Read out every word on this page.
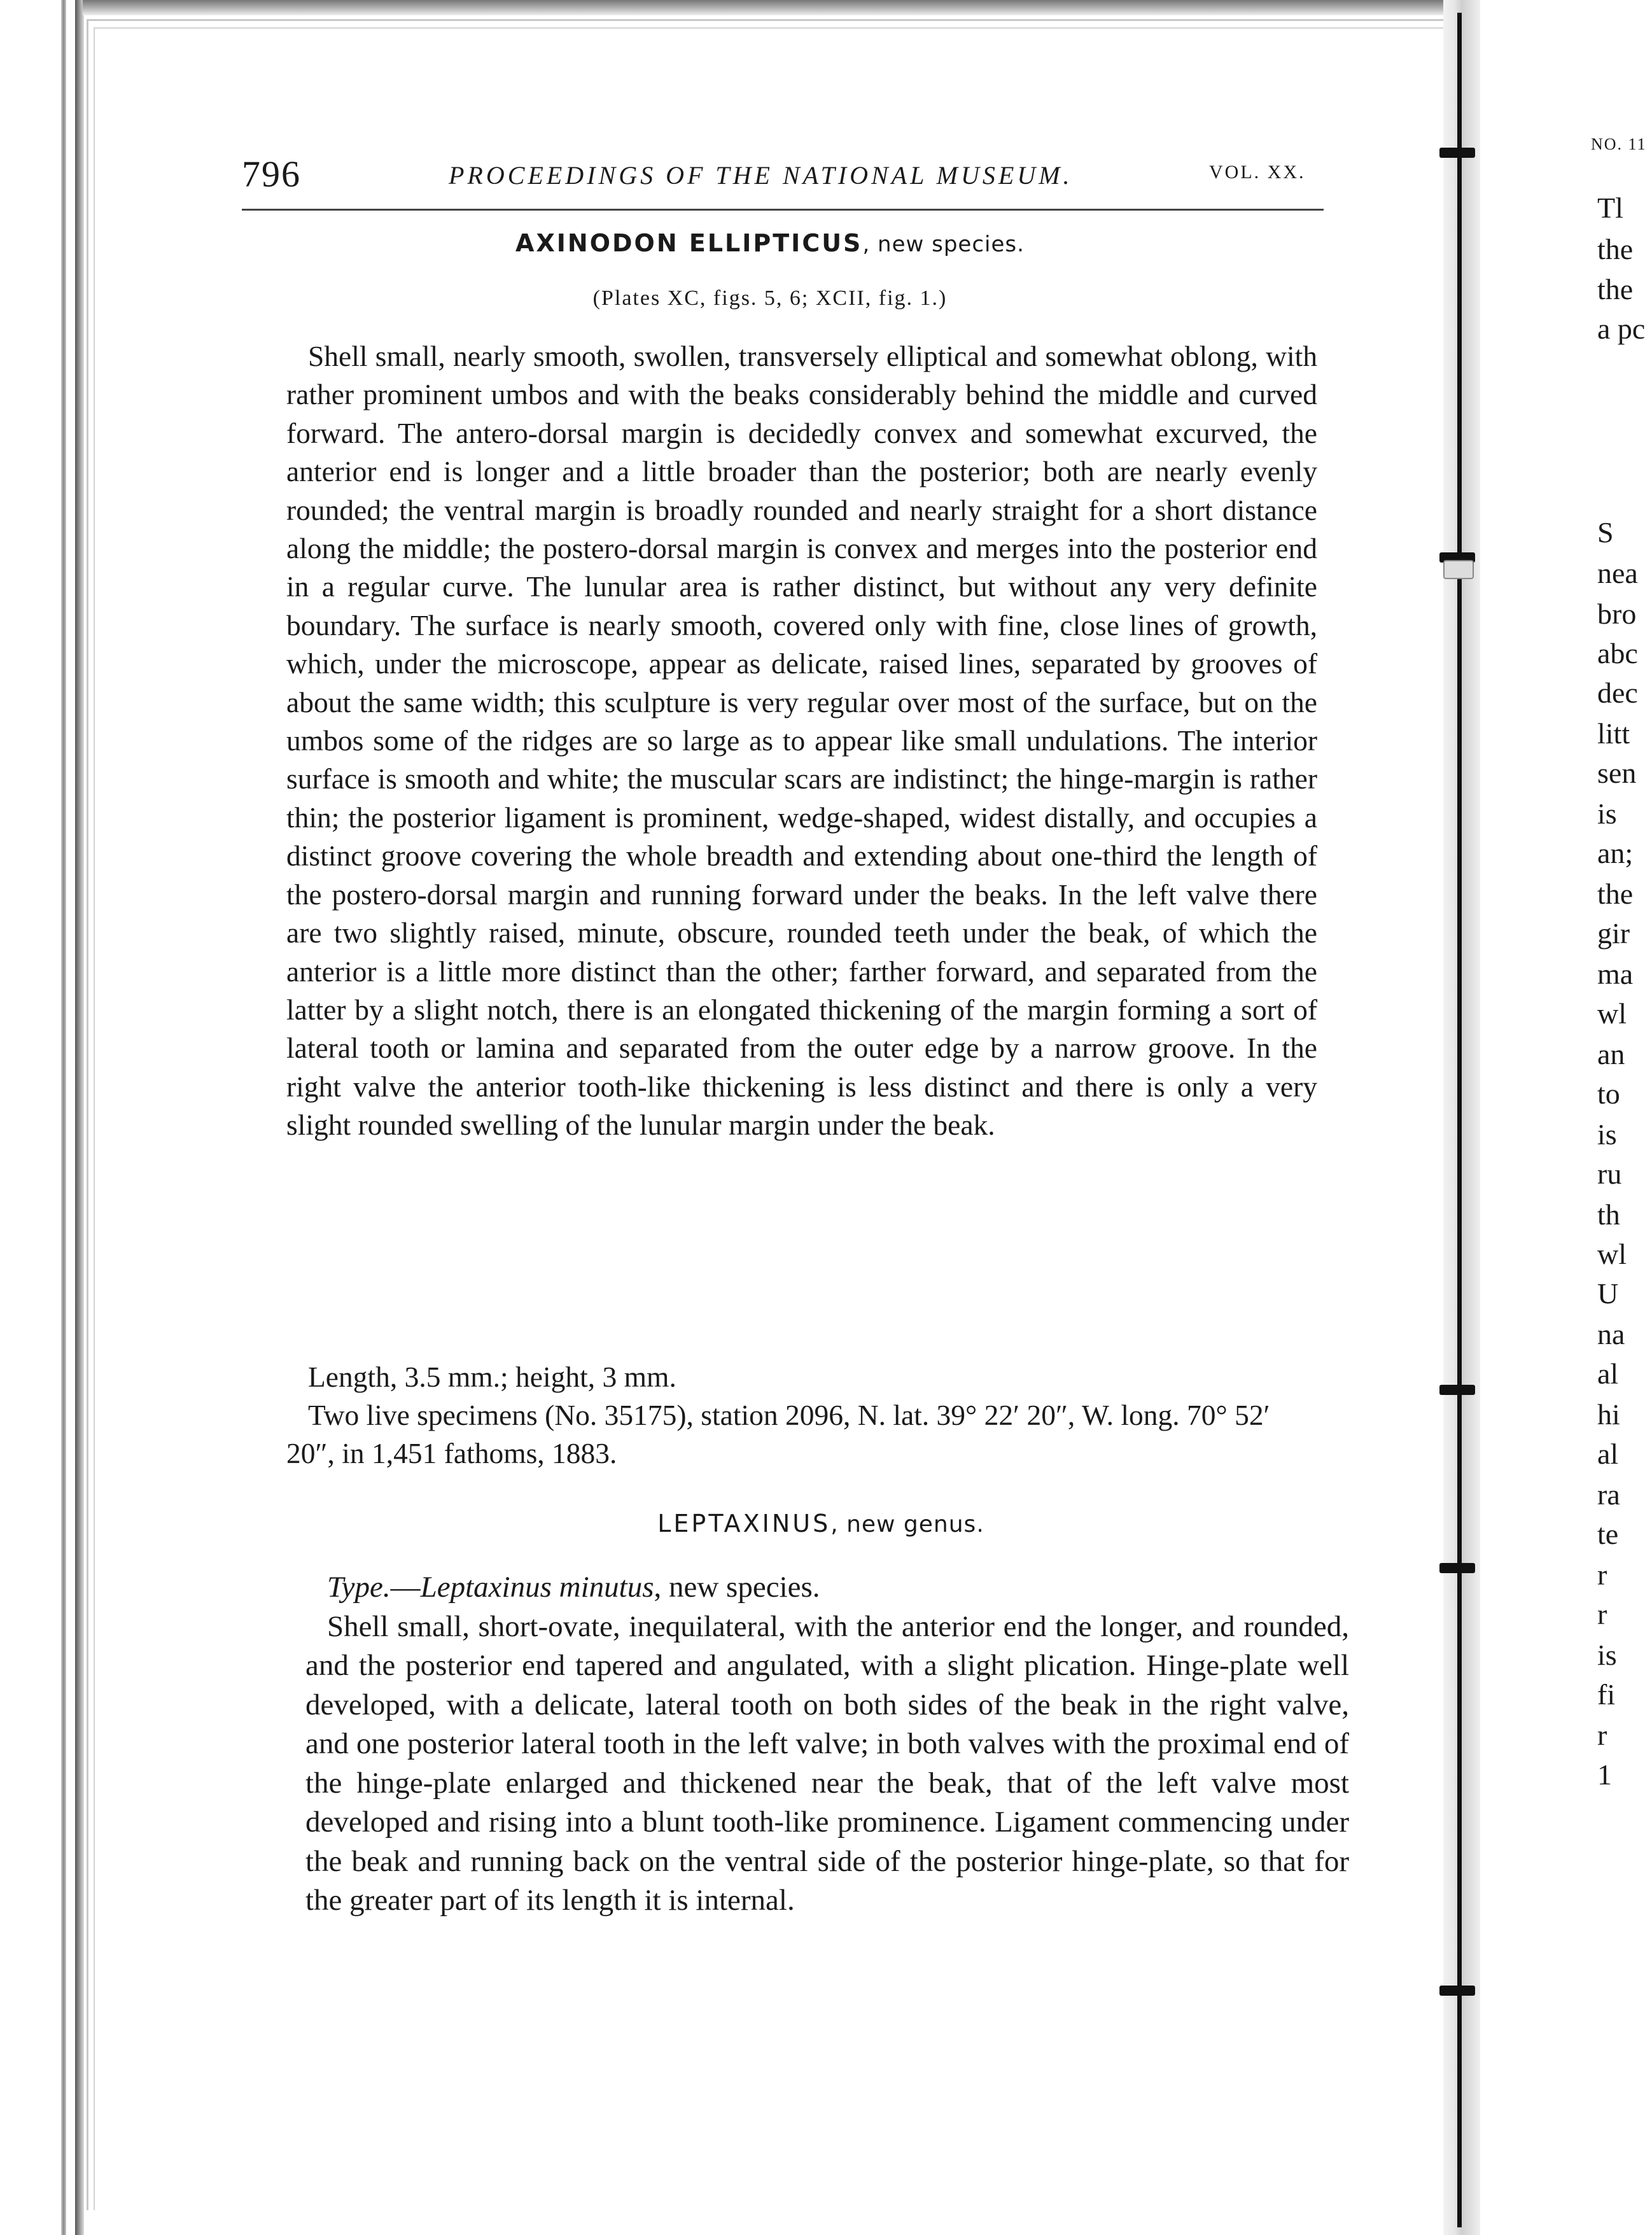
796	PROCEEDINGS OF THE NATIONAL MUSEUM.	VOL. XX.
AXINODON ELLIPTICUS, new species.
(Plates XC, figs. 5, 6; XCII, fig. 1.)

Shell small, nearly smooth, swollen, transversely elliptical and somewhat oblong, with rather prominent umbos and with the beaks considerably behind the middle and curved forward. The antero-dorsal margin is decidedly convex and somewhat excurved, the anterior end is longer and a little broader than the posterior; both are nearly evenly rounded; the ventral margin is broadly rounded and nearly straight for a short distance along the middle; the postero-dorsal margin is convex and merges into the posterior end in a regular curve. The lunular area is rather distinct, but without any very definite boundary. The surface is nearly smooth, covered only with fine, close lines of growth, which, under the microscope, appear as delicate, raised lines, separated by grooves of about the same width; this sculpture is very regular over most of the surface, but on the umbos some of the ridges are so large as to appear like small undulations. The interior surface is smooth and white; the muscular scars are indistinct; the hinge-margin is rather thin; the posterior ligament is prominent, wedge-shaped, widest distally, and occupies a distinct groove covering the whole breadth and extending about one-third the length of the postero-dorsal margin and running forward under the beaks. In the left valve there are two slightly raised, minute, obscure, rounded teeth under the beak, of which the anterior is a little more distinct than the other; farther forward, and separated from the latter by a slight notch, there is an elongated thickening of the margin forming a sort of lateral tooth or lamina and separated from the outer edge by a narrow groove. In the right valve the anterior tooth-like thickening is less distinct and there is only a very slight rounded swelling of the lunular margin under the beak.

Length, 3.5 mm.; height, 3 mm.

Two live specimens (No. 35175), station 2096, N. lat. 39° 22′ 20″, W. long. 70° 52′ 20″, in 1,451 fathoms, 1883.

LEPTAXINUS, new genus.

Type.—Leptaxinus minutus, new species.

Shell small, short-ovate, inequilateral, with the anterior end the longer, and rounded, and the posterior end tapered and angulated, with a slight plication. Hinge-plate well developed, with a delicate, lateral tooth on both sides of the beak in the right valve, and one posterior lateral tooth in the left valve; in both valves with the proximal end of the hinge-plate enlarged and thickened near the beak, that of the left valve most developed and rising into a blunt tooth-like prominence. Ligament commencing under the beak and running back on the ventral side of the posterior hinge-plate, so that for the greater part of its length it is internal.

NO. 11
Tl
the
the
a pc
S
nea
bro
abc
dec
litt
sen
is
an;
the
gir
ma
wl
an
to
is
ru
th
wl
U
na
al
hi
al
ra
te
r
r
is
fi
r
1
